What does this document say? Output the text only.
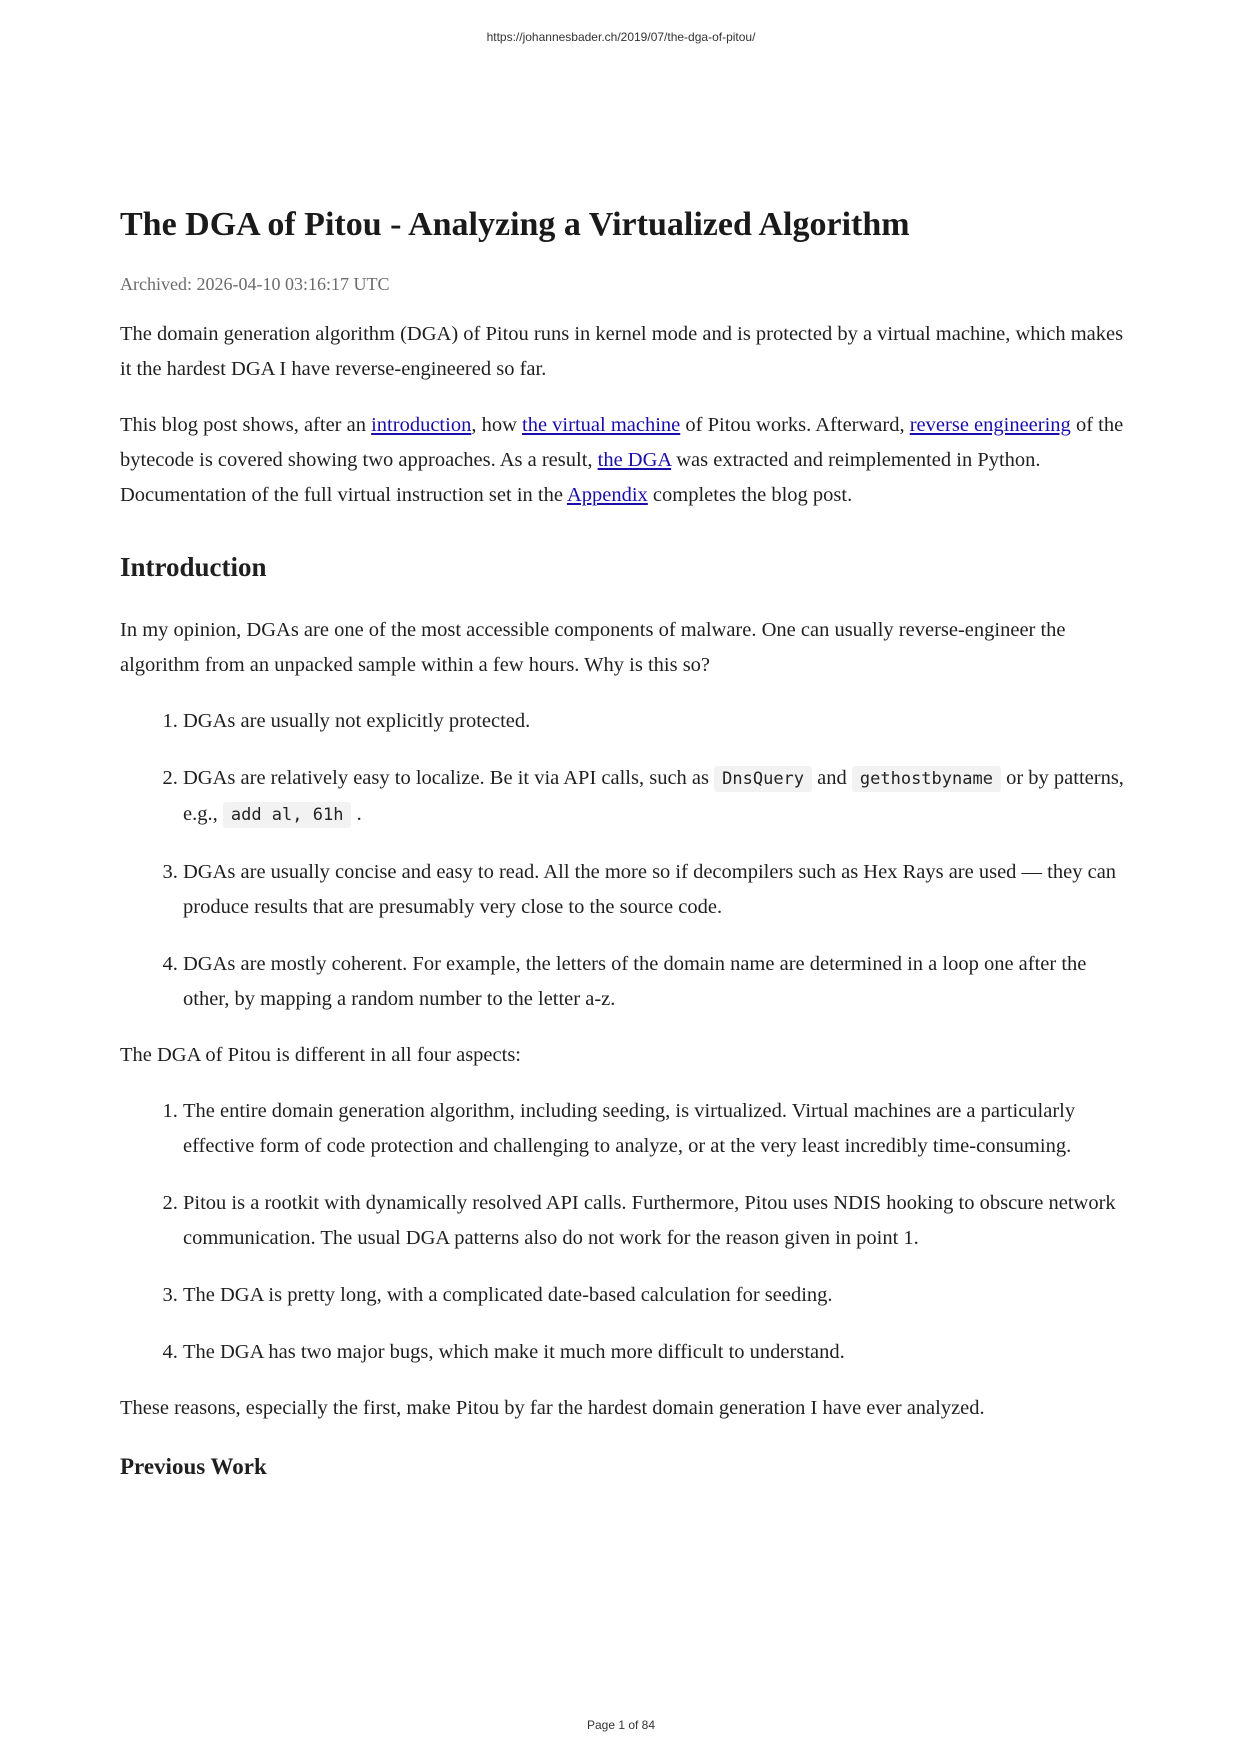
https://johannesbader.ch/2019/07/the-dga-of-pitou/
The DGA of Pitou - Analyzing a Virtualized Algorithm
Archived: 2026-04-10 03:16:17 UTC

The domain generation algorithm (DGA) of Pitou runs in kernel mode and is protected by a virtual machine, which makes it the hardest DGA I have reverse-engineered so far.

This blog post shows, after an introduction, how the virtual machine of Pitou works. Afterward, reverse engineering of the bytecode is covered showing two approaches. As a result, the DGA was extracted and reimplemented in Python. Documentation of the full virtual instruction set in the Appendix completes the blog post.

Introduction

In my opinion, DGAs are one of the most accessible components of malware. One can usually reverse-engineer the algorithm from an unpacked sample within a few hours. Why is this so?

1. DGAs are usually not explicitly protected.
2. DGAs are relatively easy to localize. Be it via API calls, such as DnsQuery and gethostbyname or by patterns, e.g., add al, 61h .
3. DGAs are usually concise and easy to read. All the more so if decompilers such as Hex Rays are used — they can produce results that are presumably very close to the source code.
4. DGAs are mostly coherent. For example, the letters of the domain name are determined in a loop one after the other, by mapping a random number to the letter a-z.

The DGA of Pitou is different in all four aspects:

1. The entire domain generation algorithm, including seeding, is virtualized. Virtual machines are a particularly effective form of code protection and challenging to analyze, or at the very least incredibly time-consuming.
2. Pitou is a rootkit with dynamically resolved API calls. Furthermore, Pitou uses NDIS hooking to obscure network communication. The usual DGA patterns also do not work for the reason given in point 1.
3. The DGA is pretty long, with a complicated date-based calculation for seeding.
4. The DGA has two major bugs, which make it much more difficult to understand.

These reasons, especially the first, make Pitou by far the hardest domain generation I have ever analyzed.

Previous Work
Page 1 of 84
